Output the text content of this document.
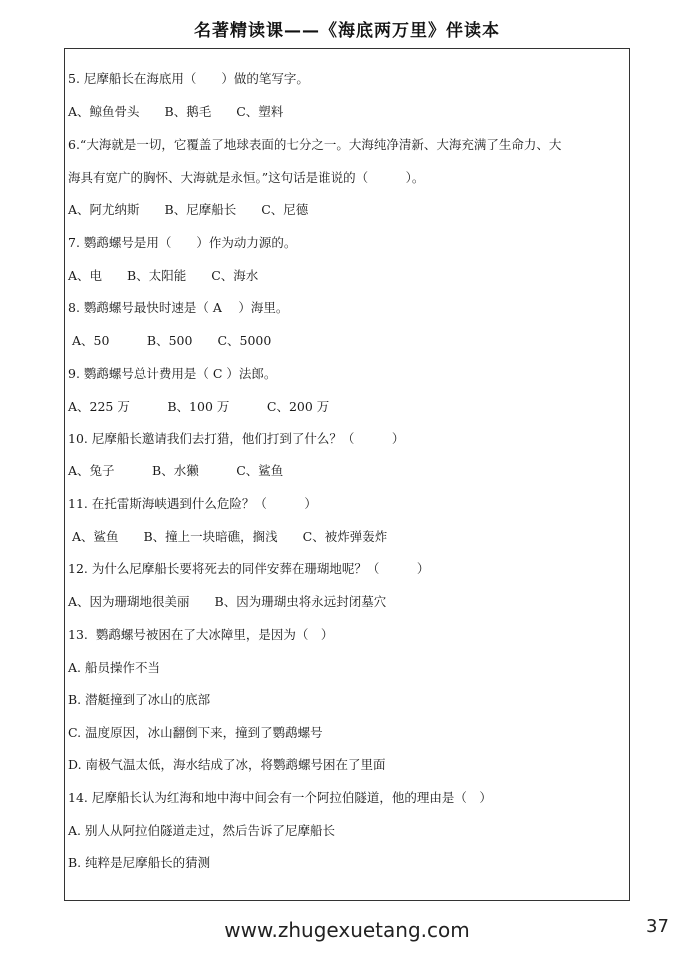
名著精读课——《海底两万里》伴读本
5. 尼摩船长在海底用（　　）做的笔写字。
A、鲸鱼骨头　　B、鹅毛　　C、塑料
6.“大海就是一切，它覆盖了地球表面的七分之一。大海纯净清新、大海充满了生命力、大
海具有宽广的胸怀、大海就是永恒。”这句话是谁说的（　　　）。
A、阿尤纳斯　　B、尼摩船长　　C、尼德
7. 鹦鹉螺号是用（　　）作为动力源的。
A、电　　B、太阳能　　C、海水
8. 鹦鹉螺号最快时速是（ A　 ）海里。
A、50　　　B、500　　C、5000
9. 鹦鹉螺号总计费用是（ C ）法郎。
A、225 万　　　B、100 万　　　C、200 万
10. 尼摩船长邀请我们去打猎，他们打到了什么？（　　　）
A、兔子　　　B、水獭　　　C、鲨鱼
11. 在托雷斯海峡遇到什么危险？（　　　）
A、鲨鱼　　B、撞上一块暗礁，搁浅　　C、被炸弹轰炸
12. 为什么尼摩船长要将死去的同伴安葬在珊瑚地呢？（　　　）
A、因为珊瑚地很美丽　　B、因为珊瑚虫将永远封闭墓穴
13.  鹦鹉螺号被困在了大冰障里，是因为（　）
A. 船员操作不当
B. 潜艇撞到了冰山的底部
C. 温度原因，冰山翻倒下来，撞到了鹦鹉螺号
D. 南极气温太低，海水结成了冰，将鹦鹉螺号困在了里面
14. 尼摩船长认为红海和地中海中间会有一个阿拉伯隧道，他的理由是（　）
A. 别人从阿拉伯隧道走过，然后告诉了尼摩船长
B. 纯粹是尼摩船长的猜测
www.zhugexuetang.com	37
